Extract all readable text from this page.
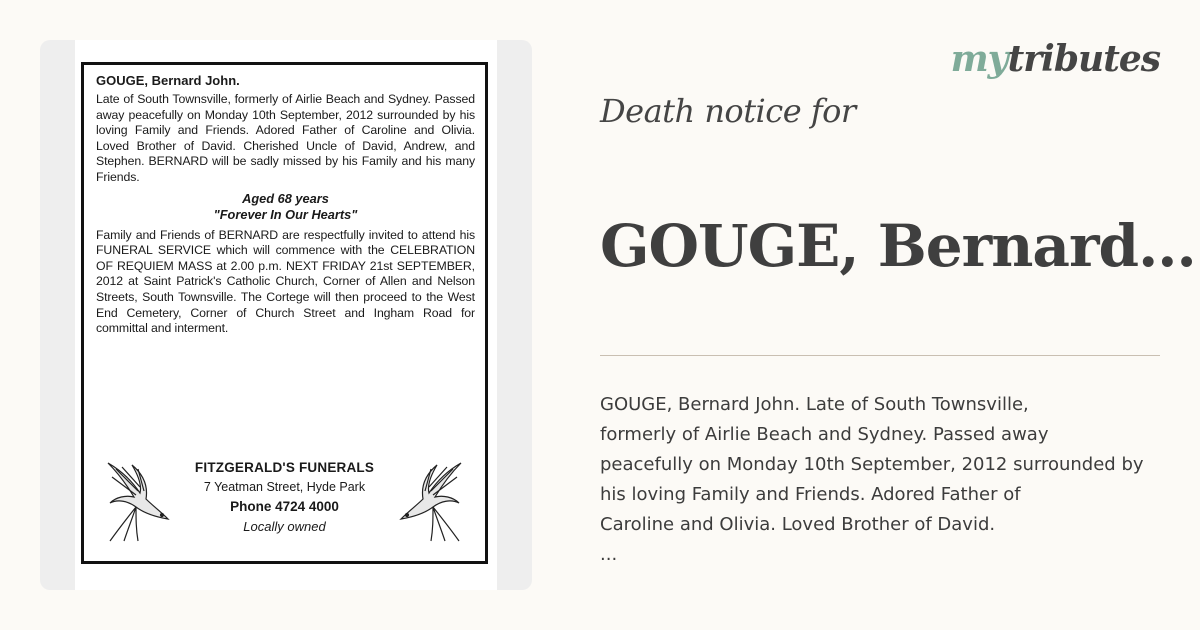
GOUGE, Bernard John.
Late of South Townsville, formerly of Airlie Beach and Sydney. Passed away peacefully on Monday 10th September, 2012 surrounded by his loving Family and Friends. Adored Father of Caroline and Olivia. Loved Brother of David. Cherished Uncle of David, Andrew, and Stephen. BERNARD will be sadly missed by his Family and his many Friends.
Aged 68 years
"Forever In Our Hearts"
Family and Friends of BERNARD are respectfully invited to attend his FUNERAL SERVICE which will commence with the CELEBRATION OF REQUIEM MASS at 2.00 p.m. NEXT FRIDAY 21st SEPTEMBER, 2012 at Saint Patrick's Catholic Church, Corner of Allen and Nelson Streets, South Townsville. The Cortege will then proceed to the West End Cemetery, Corner of Church Street and Ingham Road for committal and interment.
FITZGERALD'S FUNERALS
7 Yeatman Street, Hyde Park
Phone 4724 4000
Locally owned
mytributes
Death notice for
GOUGE, Bernard...
GOUGE, Bernard John. Late of South Townsville,
formerly of Airlie Beach and Sydney. Passed away
peacefully on Monday 10th September, 2012 surrounded by
his loving Family and Friends. Adored Father of
Caroline and Olivia. Loved Brother of David.
...
